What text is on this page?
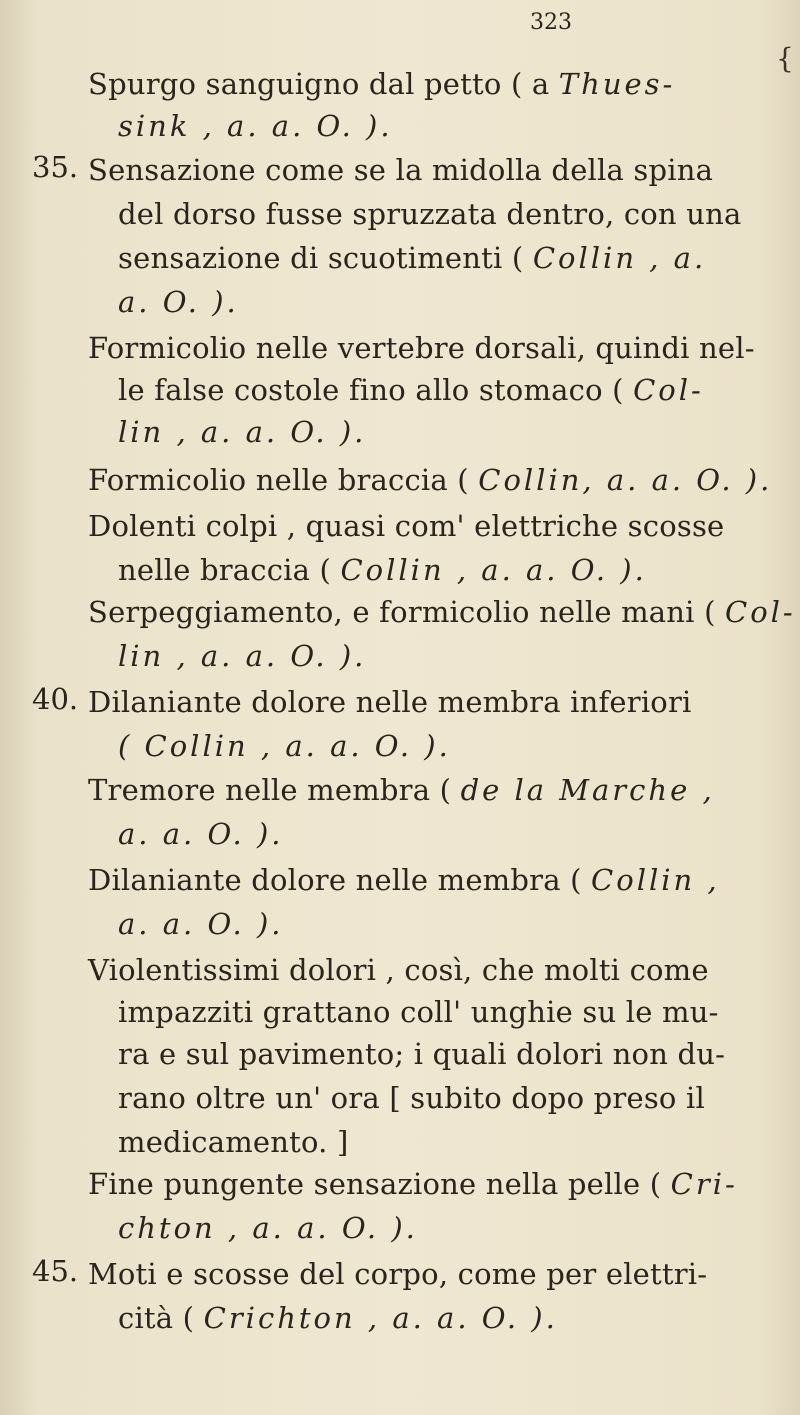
323
{
Spurgo sanguigno dal petto ( a Thues-
sink , a. a. O. ).
35. Sensazione come se la midolla della spina
del dorso fusse spruzzata dentro, con una
sensazione di scuotimenti ( Collin , a.
a. O. ).
Formicolio nelle vertebre dorsali, quindi nel-
le false costole fino allo stomaco ( Col-
lin , a. a. O. ).
Formicolio nelle braccia ( Collin, a. a. O. ).
Dolenti colpi , quasi com' elettriche scosse
nelle braccia ( Collin , a. a. O. ).
Serpeggiamento, e formicolio nelle mani ( Col-
lin , a. a. O. ).
40. Dilaniante dolore nelle membra inferiori
( Collin , a. a. O. ).
Tremore nelle membra ( de la Marche ,
a. a. O. ).
Dilaniante dolore nelle membra ( Collin ,
a. a. O. ).
Violentissimi dolori , così, che molti come
impazziti grattano coll' unghie su le mu-
ra e sul pavimento; i quali dolori non du-
rano oltre un' ora [ subito dopo preso il
medicamento. ]
Fine pungente sensazione nella pelle ( Cri-
chton , a. a. O. ).
45. Moti e scosse del corpo, come per elettri-
cità ( Crichton , a. a. O. ).
